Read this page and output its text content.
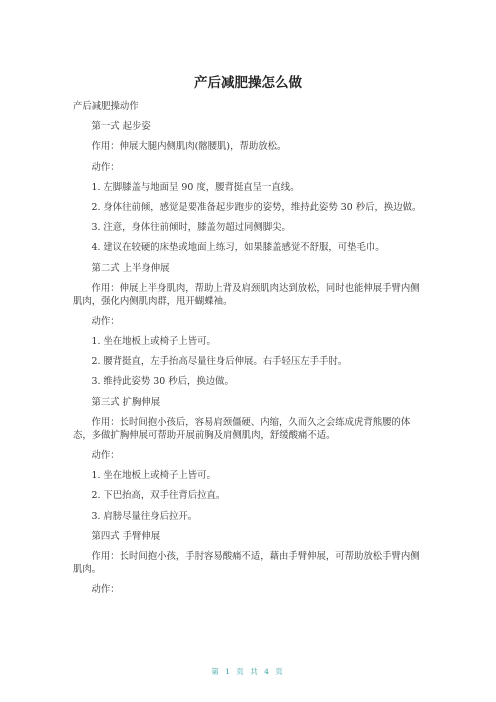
产后减肥操怎么做

产后减肥操动作

第一式 起步姿

作用：伸展大腿内侧肌肉(髂腰肌)，帮助放松。

动作：

1. 左脚膝盖与地面呈 90 度，腰背挺直呈一直线。

2. 身体往前倾，感觉是要准备起步跑步的姿势，维持此姿势 30 秒后，换边做。

3. 注意，身体往前倾时，膝盖勿超过同侧脚尖。

4. 建议在较硬的床垫或地面上练习，如果膝盖感觉不舒服，可垫毛巾。

第二式 上半身伸展

作用：伸展上半身肌肉，帮助上背及肩颈肌肉达到放松，同时也能伸展手臂内侧肌肉，强化内侧肌肉群，甩开蝴蝶袖。

动作：

1. 坐在地板上或椅子上皆可。

2. 腰背挺直，左手抬高尽量往身后伸展。右手轻压左手手肘。

3. 维持此姿势 30 秒后，换边做。

第三式 扩胸伸展

作用：长时间抱小孩后，容易肩颈僵硬、内缩，久而久之会练成虎背熊腰的体态，多做扩胸伸展可帮助开展前胸及肩侧肌肉，舒缓酸痛不适。

动作：

1. 坐在地板上或椅子上皆可。

2. 下巴抬高，双手往背后拉直。

3. 肩膀尽量往身后拉开。

第四式 手臂伸展

作用：长时间抱小孩，手肘容易酸痛不适，藉由手臂伸展，可帮助放松手臂内侧肌肉。

动作：

第 1 页 共 4 页
